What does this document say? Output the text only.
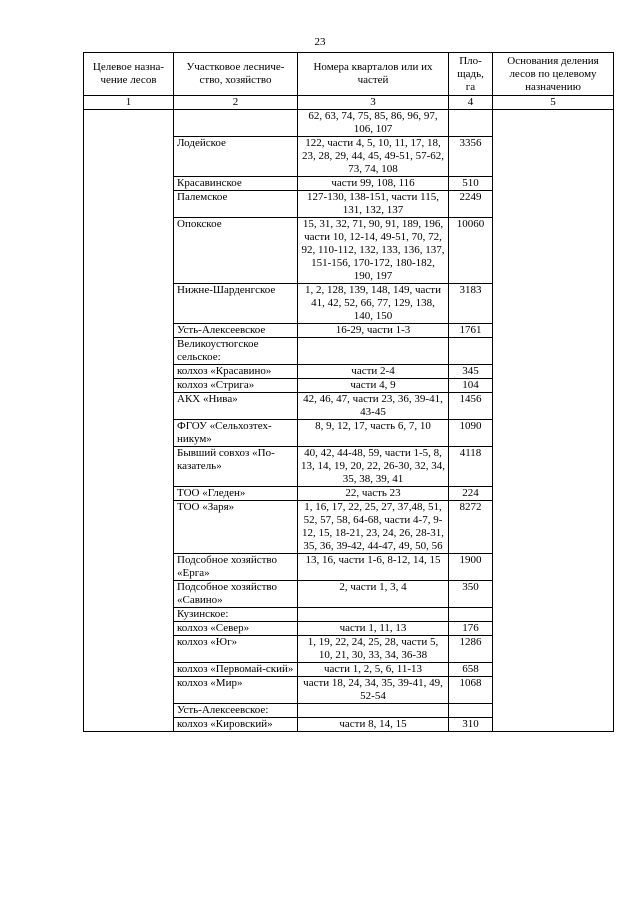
23
Целевое назна-чение лесов	Участковое лесниче-ство, хозяйство	Номера кварталов или их частей	Пло-щадь, га	Основания деления лесов по целевому назначению
1	2	3	4	5
		62, 63, 74, 75, 85, 86, 96, 97, 106, 107		
	Лодейское	122, части 4, 5, 10, 11, 17, 18, 23, 28, 29, 44, 45, 49-51, 57-62, 73, 74, 108	3356	
	Красавинское	части 99, 108, 116	510	
	Палемское	127-130, 138-151, части 115, 131, 132, 137	2249	
	Опокское	15, 31, 32, 71, 90, 91, 189, 196, части 10, 12-14, 49-51, 70, 72, 92, 110-112, 132, 133, 136, 137, 151-156, 170-172, 180-182, 190, 197	10060	
	Нижне-Шарденгское	1, 2, 128, 139, 148, 149, части 41, 42, 52, 66, 77, 129, 138, 140, 150	3183	
	Усть-Алексеевское	16-29, части 1-3	1761	
	Великоустюгское сельское:			
	колхоз «Красавино»	части 2-4	345	
	колхоз «Стрига»	части 4, 9	104	
	АКХ «Нива»	42, 46, 47, части 23, 36, 39-41, 43-45	1456	
	ФГОУ «Сельхозтех-никум»	8, 9, 12, 17, часть 6, 7, 10	1090	
	Бывший совхоз «По-казатель»	40, 42, 44-48, 59, части 1-5, 8, 13, 14, 19, 20, 22, 26-30, 32, 34, 35, 38, 39, 41	4118	
	ТОО «Гледен»	22, часть 23	224	
	ТОО «Заря»	1, 16, 17, 22, 25, 27, 37,48, 51, 52, 57, 58, 64-68, части 4-7, 9-12, 15, 18-21, 23, 24, 26, 28-31, 35, 36, 39-42, 44-47, 49, 50, 56	8272	
	Подсобное хозяйство «Ерга»	13, 16, части 1-6, 8-12, 14, 15	1900	
	Подсобное хозяйство «Савино»	2, части 1, 3, 4	350	
	Кузинское:			
	колхоз «Север»	части 1, 11, 13	176	
	колхоз «Юг»	1, 19, 22, 24, 25, 28, части 5, 10, 21, 30, 33, 34, 36-38	1286	
	колхоз «Первомай-ский»	части 1, 2, 5, 6, 11-13	658	
	колхоз «Мир»	части 18, 24, 34, 35, 39-41, 49, 52-54	1068	
	Усть-Алексеевское:			
	колхоз «Кировский»	части 8, 14, 15	310	
